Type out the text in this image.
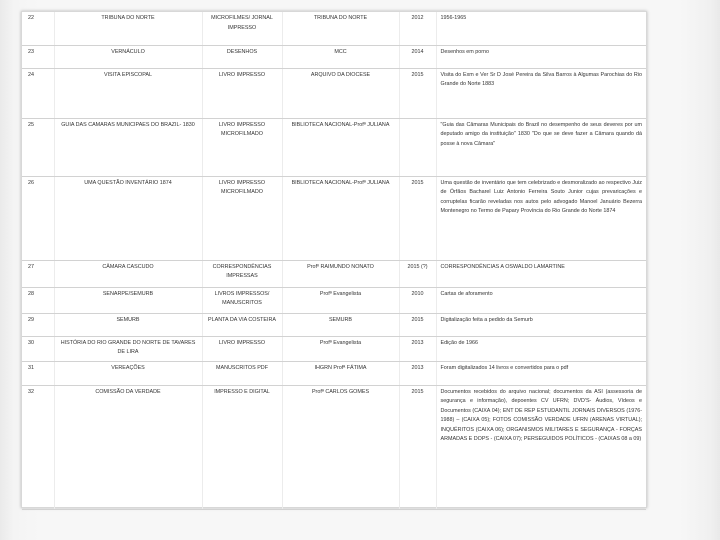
22	TRIBUNA DO NORTE	MICROFILMES/ JORNAL IMPRESSO	TRIBUNA DO NORTE	2012	1956-1965
23	VERNÁCULO	DESENHOS	MCC	2014	Desenhos em porno
24	VISITA EPISCOPAL	LIVRO IMPRESSO	ARQUIVO DA DIOCESE	2015	Visita do Exm e Ver Sr D José Pereira da Silva Barros à Algumas Parochias do Rio Grande do Norte 1883
25	GUIA DAS CAMARAS MUNICIPAES DO BRAZIL- 1830	LIVRO IMPRESSO MICROFILMADO	BIBLIOTECA NACIONAL-Profª JULIANA		"Guia das Câmaras Municipais do Brazil no desempenho de seus deveres por um deputado amigo da instituição" 1830 "Do que se deve fazer a Câmara quando dá posse à nova Câmara"
26	UMA QUESTÃO INVENTÁRIO 1874	LIVRO IMPRESSO MICROFILMADO	BIBLIOTECA NACIONAL-Profª JULIANA	2015	Uma questão de inventário que tem celebrizado e desmoralizado ao respectivo Juiz de Órfãos Bacharel Luiz Antonio Ferreira Souto Junior cujas prevaricações e corruptelas ficarão reveladas nos autos pelo advogado Manoel Januário Bezerra Montenegro no Termo de Papary Província do Rio Grande do Norte 1874
27	CÂMARA CASCUDO	CORRESPONDÊNCIAS IMPRESSAS	Profº RAIMUNDO NONATO	2015 (?)	CORRESPONDÊNCIAS A OSWALDO LAMARTINE
28	SENARPE/SEMURB	LIVROS IMPRESSOS/ MANUSCRITOS	Profª Evangelista	2010	Cartas de aforamento
29	SEMURB	PLANTA DA VIA COSTEIRA	SEMURB	2015	Digitalização feita a pedido da Semurb
30	HISTÓRIA DO RIO GRANDE DO NORTE DE TAVARES DE LIRA	LIVRO IMPRESSO	Profª Evangelista	2013	Edição de 1966
31	VEREAÇÕES	MANUSCRITOS PDF	IHGRN Profª FÁTIMA	2013	Foram digitalizados 14 livros e convertidos para o pdf
32	COMISSÃO DA VERDADE	IMPRESSO E DIGITAL	Profª CARLOS GOMES	2015	Documentos recebidos do arquivo nacional; documentos da ASI (assessoria de segurança e informação), depoentes CV UFRN; DVD'S- Áudios, Vídeos e Documentos (CAIXA 04); ENT DE REP ESTUDANTIL JORNAIS DIVERSOS (1976-1988) – (CAIXA 05); FOTOS COMISSÃO VERDADE UFRN (ARENAS VIRTUAL); INQUÉRITOS (CAIXA 06); ORGANISMOS MILITARES E SEGURANÇA - FORÇAS ARMADAS E DOPS - (CAIXA 07); PERSEGUIDOS POLÍTICOS - (CAIXAS 08 a 09)
